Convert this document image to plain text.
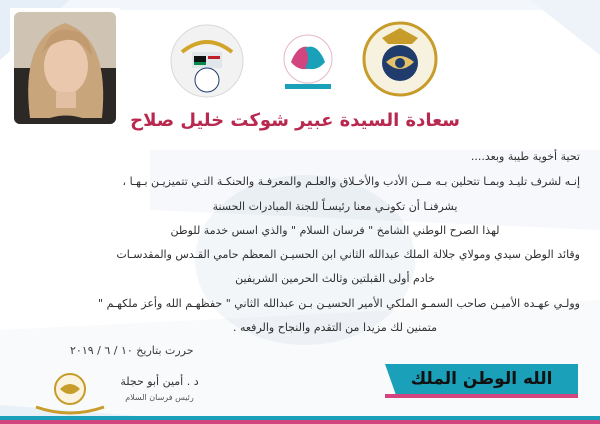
سعادة السيدة عبير شوكت خليل صلاح
تحية أخوية طيبة وبعد....
إنـه لشرف تليـد وبمـا تتحلين بـه مــن الأدب والأخـلاق والعلـم والمعرفـة والحنكـة التـي تتميزيـن بـهـا ،
يشرفنـا أن تكونـي معنا رئيسـاً للجنة المبادرات الحسنة
لهذا الصرح الوطني الشامخ " فرسان السلام " والذي اسس خدمة للوطن
وقائد الوطن سيدي ومولاي جلالة الملك عبدالله الثاني ابن الحسيـن المعظم حامي القـدس والمقدسـات
خادم أولى القبلتين وثالث الحرمين الشريفين
وولـي عهـده الأميـن صاحب السمـو الملكي الأمير الحسيـن بـن عبدالله الثاني " حفظهـم الله وأعز ملكهـم "
متمنين لك مزيدا من التقدم والنجاح والرفعه .
حررت بتاريخ ١٠ / ٦ / ٢٠١٩
د . أمين أبو حجلة
رئيس فرسان السلام
الله الوطن الملك
